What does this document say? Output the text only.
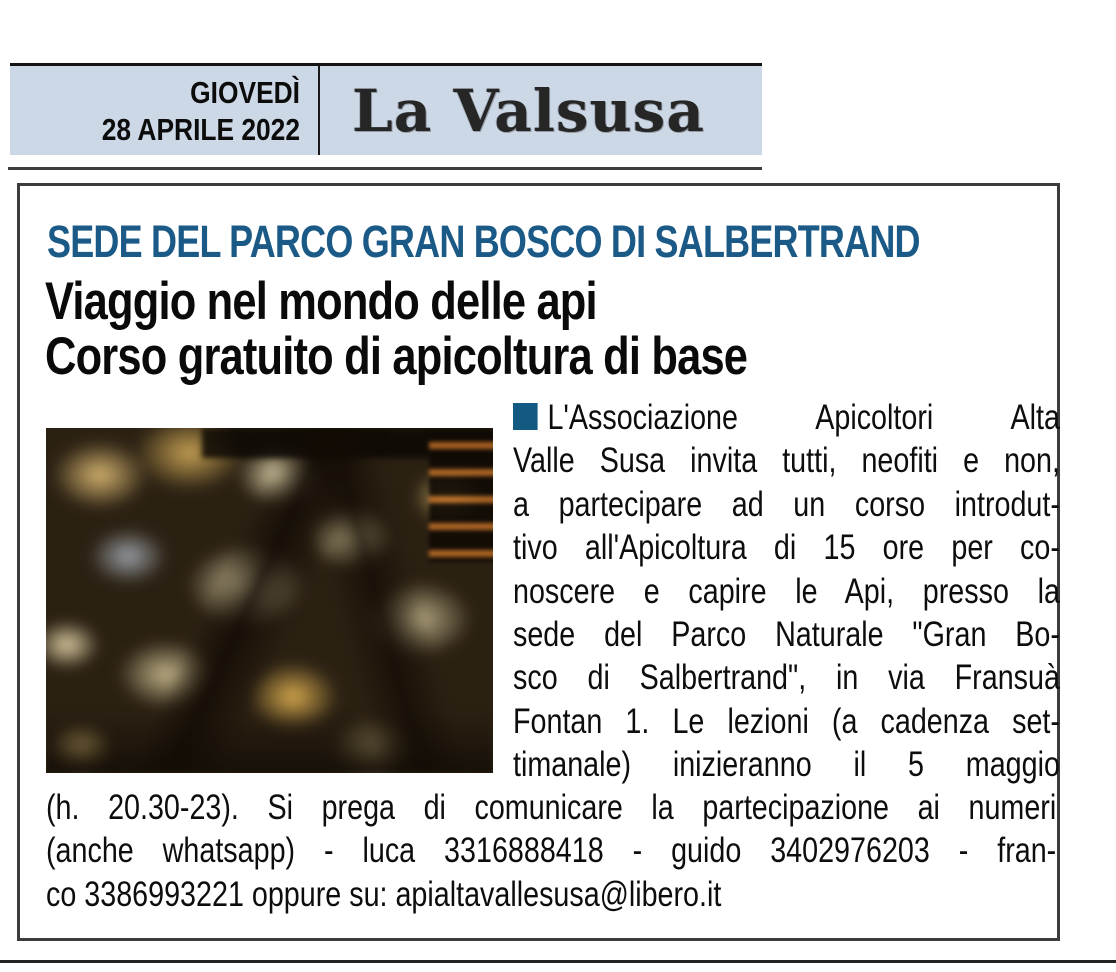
GIOVEDÌ
28 APRILE 2022 La Valsusa
SEDE DEL PARCO GRAN BOSCO DI SALBERTRAND
Viaggio nel mondo delle api
Corso gratuito di apicoltura di base
L'Associazione Apicoltori Alta
Valle Susa invita tutti, neofiti e non,
a partecipare ad un corso introdut-
tivo all'Apicoltura di 15 ore per co-
noscere e capire le Api, presso la
sede del Parco Naturale "Gran Bo-
sco di Salbertrand", in via Fransuà
Fontan 1. Le lezioni (a cadenza set-
timanale) inizieranno il 5 maggio
(h. 20.30-23). Si prega di comunicare la partecipazione ai numeri
(anche whatsapp) - luca 3316888418 - guido 3402976203 - fran-
co 3386993221 oppure su: apialtavallesusa@libero.it
